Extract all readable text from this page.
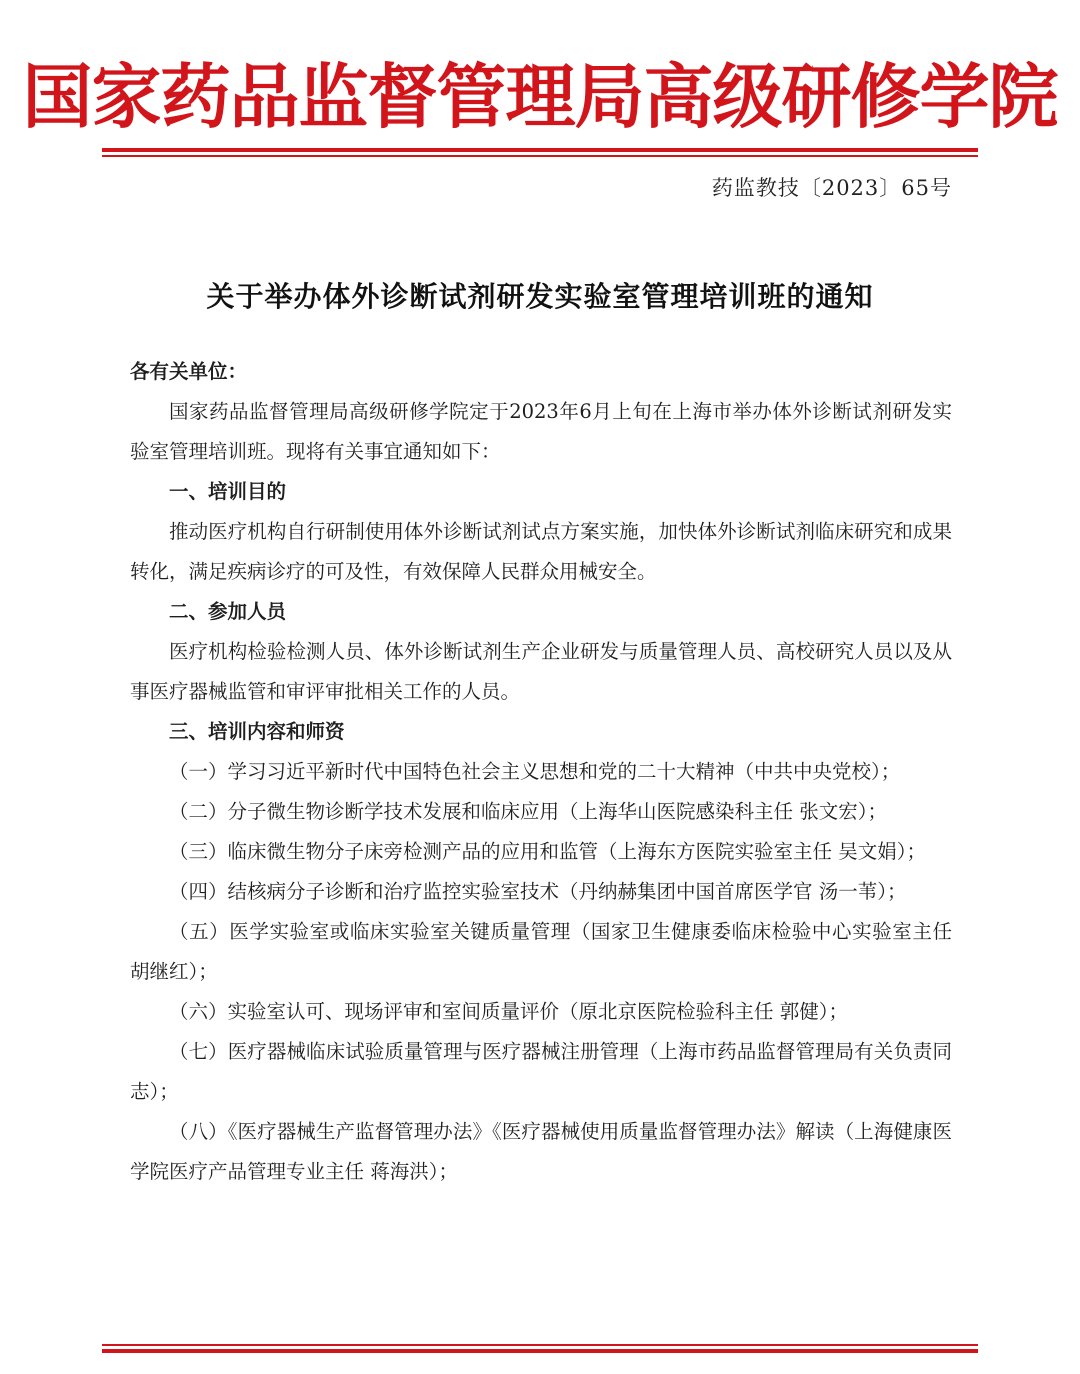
国家药品监督管理局高级研修学院
药监教技〔2023〕65号
关于举办体外诊断试剂研发实验室管理培训班的通知

各有关单位：

国家药品监督管理局高级研修学院定于2023年6月上旬在上海市举办体外诊断试剂研发实验室管理培训班。现将有关事宜通知如下：

一、培训目的

推动医疗机构自行研制使用体外诊断试剂试点方案实施，加快体外诊断试剂临床研究和成果转化，满足疾病诊疗的可及性，有效保障人民群众用械安全。

二、参加人员

医疗机构检验检测人员、体外诊断试剂生产企业研发与质量管理人员、高校研究人员以及从事医疗器械监管和审评审批相关工作的人员。

三、培训内容和师资

（一）学习习近平新时代中国特色社会主义思想和党的二十大精神（中共中央党校）；

（二）分子微生物诊断学技术发展和临床应用（上海华山医院感染科主任 张文宏）；

（三）临床微生物分子床旁检测产品的应用和监管（上海东方医院实验室主任 吴文娟）；

（四）结核病分子诊断和治疗监控实验室技术（丹纳赫集团中国首席医学官 汤一苇）；

（五）医学实验室或临床实验室关键质量管理（国家卫生健康委临床检验中心实验室主任 胡继红）；

（六）实验室认可、现场评审和室间质量评价（原北京医院检验科主任 郭健）；

（七）医疗器械临床试验质量管理与医疗器械注册管理（上海市药品监督管理局有关负责同志）；

（八）《医疗器械生产监督管理办法》《医疗器械使用质量监督管理办法》解读（上海健康医学院医疗产品管理专业主任 蒋海洪）；
